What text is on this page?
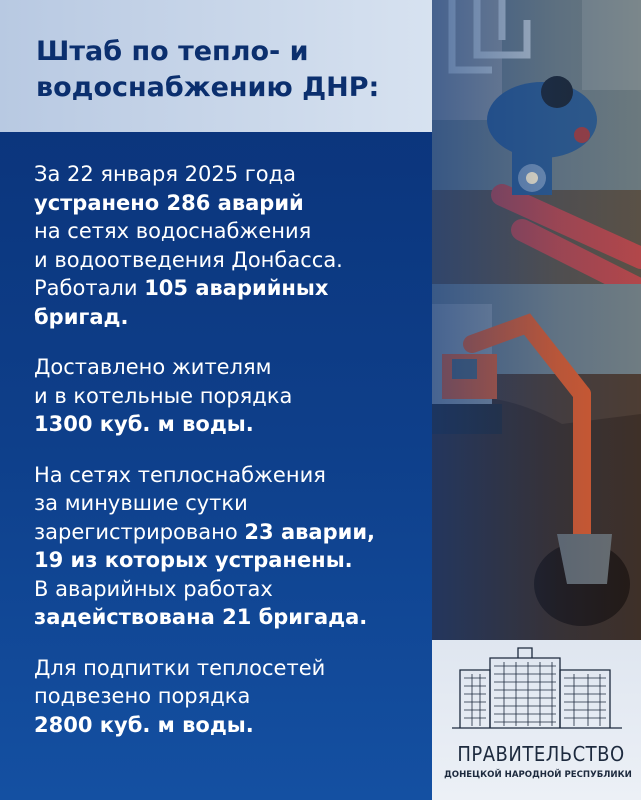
Штаб по тепло- и
водоснабжению ДНР:
За 22 января 2025 года
устранено 286 аварий
на сетях водоснабжения
и водоотведения Донбасса.
Работали 105 аварийных
бригад.
Доставлено жителям
и в котельные порядка
1300 куб. м воды.
На сетях теплоснабжения
за минувшие сутки
зарегистрировано 23 аварии,
19 из которых устранены.
В аварийных работах
задействована 21 бригада.
Для подпитки теплосетей
подвезено порядка
2800 куб. м воды.
ПРАВИТЕЛЬСТВО
ДОНЕЦКОЙ НАРОДНОЙ РЕСПУБЛИКИ
